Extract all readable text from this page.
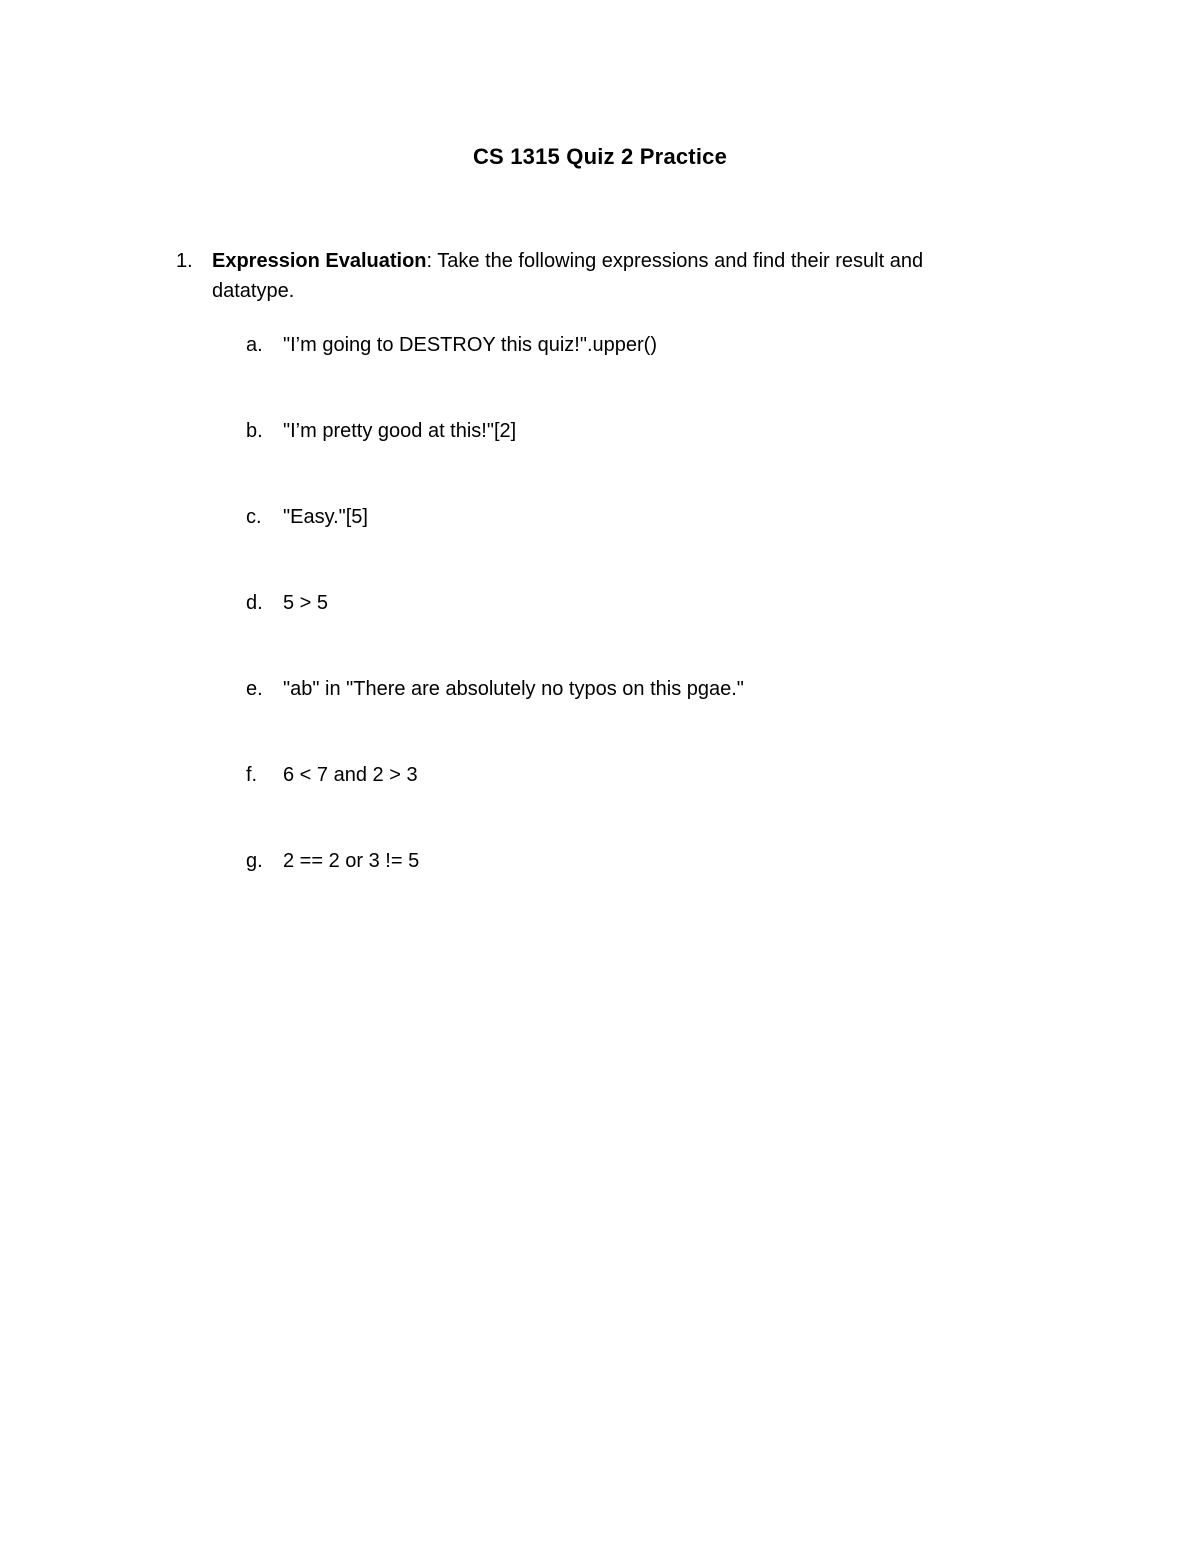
CS 1315 Quiz 2 Practice
1. Expression Evaluation: Take the following expressions and find their result and datatype.
a.	"I’m going to DESTROY this quiz!".upper()
b.	"I’m pretty good at this!"[2]
c.	"Easy."[5]
d.	5 > 5
e.	"ab" in "There are absolutely no typos on this pgae."
f.	6 < 7 and 2 > 3
g.	2 == 2 or 3 != 5
